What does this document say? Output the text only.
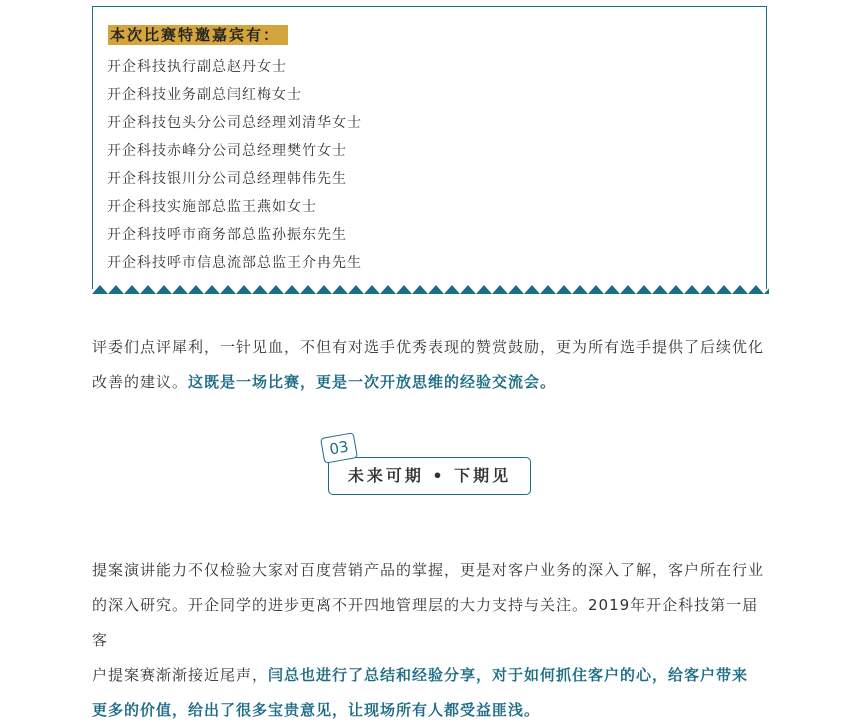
本次比赛特邀嘉宾有：
开企科技执行副总赵丹女士
开企科技业务副总闫红梅女士
开企科技包头分公司总经理刘清华女士
开企科技赤峰分公司总经理樊竹女士
开企科技银川分公司总经理韩伟先生
开企科技实施部总监王燕如女士
开企科技呼市商务部总监孙振东先生
开企科技呼市信息流部总监王介冉先生
评委们点评犀利，一针见血，不但有对选手优秀表现的赞赏鼓励，更为所有选手提供了后续优化
改善的建议。这既是一场比赛，更是一次开放思维的经验交流会。
未来可期 • 下期见
03
提案演讲能力不仅检验大家对百度营销产品的掌握，更是对客户业务的深入了解，客户所在行业
的深入研究。开企同学的进步更离不开四地管理层的大力支持与关注。2019年开企科技第一届客
户提案赛渐渐接近尾声，闫总也进行了总结和经验分享，对于如何抓住客户的心，给客户带来
更多的价值，给出了很多宝贵意见，让现场所有人都受益匪浅。
